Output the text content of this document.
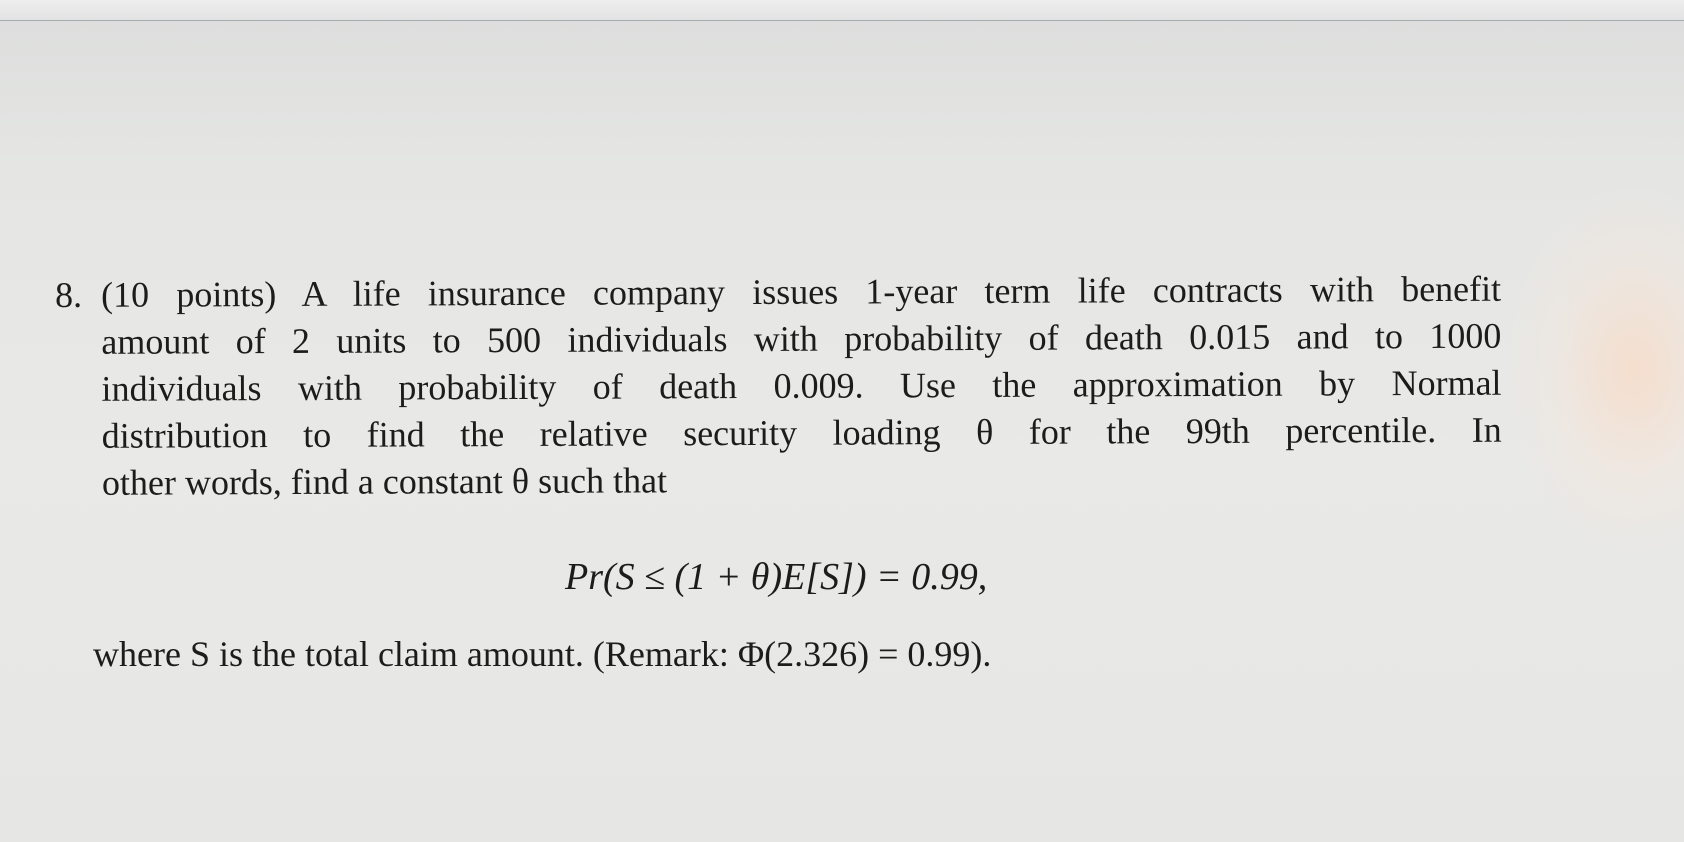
8. (10 points) A life insurance company issues 1-year term life contracts with benefit
amount of 2 units to 500 individuals with probability of death 0.015 and to 1000
individuals with probability of death 0.009. Use the approximation by Normal
distribution to find the relative security loading θ for the 99th percentile. In
other words, find a constant θ such that
Pr(S ≤ (1 + θ)E[S]) = 0.99,
where S is the total claim amount. (Remark: Φ(2.326) = 0.99).
